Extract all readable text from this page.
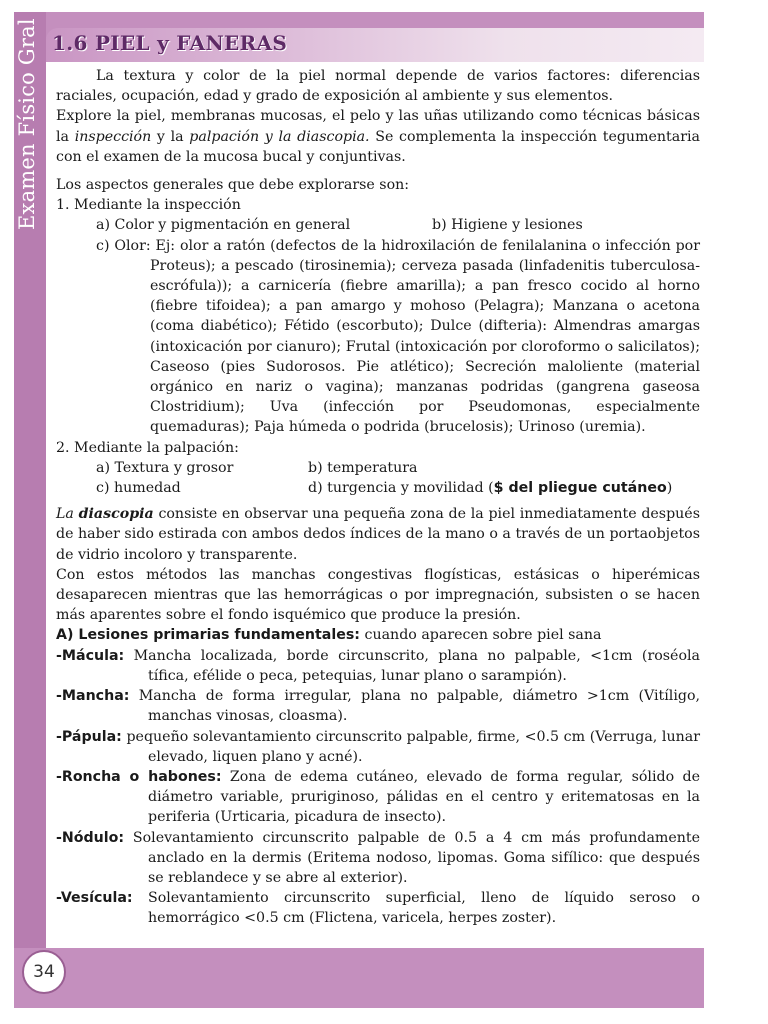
Examen Físico Gral 1.6 PIEL y FANERAS

La textura y color de la piel normal depende de varios factores: diferencias raciales, ocupación, edad y grado de exposición al ambiente y sus elementos.

Explore la piel, membranas mucosas, el pelo y las uñas utilizando como técnicas básicas la inspección y la palpación y la diascopia. Se complementa la inspección tegumentaria con el examen de la mucosa bucal y conjuntivas.

Los aspectos generales que debe explorarse son:

1. Mediante la inspección

a) Color y pigmentación en general	b) Higiene y lesiones

c) Olor: Ej: olor a ratón (defectos de la hidroxilación de fenilalanina o infección por Proteus); a pescado (tirosinemia); cerveza pasada (linfadenitis tuberculosa-escrófula)); a carnicería (fiebre amarilla); a pan fresco cocido al horno (fiebre tifoidea); a pan amargo y mohoso (Pelagra); Manzana o acetona (coma diabético); Fétido (escorbuto); Dulce (difteria): Almendras amargas (intoxicación por cianuro); Frutal (intoxicación por cloroformo o salicilatos); Caseoso (pies Sudorosos. Pie atlético); Secreción maloliente (material orgánico en nariz o vagina); manzanas podridas (gangrena gaseosa Clostridium); Uva (infección por Pseudomonas, especialmente quemaduras); Paja húmeda o podrida (brucelosis); Urinoso (uremia).

2. Mediante la palpación:

a) Textura y grosor	b) temperatura
c) humedad	d) turgencia y movilidad ($ del pliegue cutáneo)

La diascopia consiste en observar una pequeña zona de la piel inmediatamente después de haber sido estirada con ambos dedos índices de la mano o a través de un portaobjetos de vidrio incoloro y transparente.

Con estos métodos las manchas congestivas flogísticas, estásicas o hiperémicas desaparecen mientras que las hemorrágicas o por impregnación, subsisten o se hacen más aparentes sobre el fondo isquémico que produce la presión.

A) Lesiones primarias fundamentales: cuando aparecen sobre piel sana

-Mácula: Mancha localizada, borde circunscrito, plana no palpable, <1cm (roséola tífica, efélide o peca, petequias, lunar plano o sarampión).

-Mancha: Mancha de forma irregular, plana no palpable, diámetro >1cm (Vitíligo, manchas vinosas, cloasma).

-Pápula: pequeño solevantamiento circunscrito palpable, firme, <0.5 cm (Verruga, lunar elevado, liquen plano y acné).

-Roncha o habones: Zona de edema cutáneo, elevado de forma regular, sólido de diámetro variable, pruriginoso, pálidas en el centro y eritematosas en la periferia (Urticaria, picadura de insecto).

-Nódulo: Solevantamiento circunscrito palpable de 0.5 a 4 cm más profundamente anclado en la dermis (Eritema nodoso, lipomas. Goma sifílico: que después se reblandece y se abre al exterior).

-Vesícula: Solevantamiento circunscrito superficial, lleno de líquido seroso o hemorrágico <0.5 cm (Flictena, varicela, herpes zoster).

34
